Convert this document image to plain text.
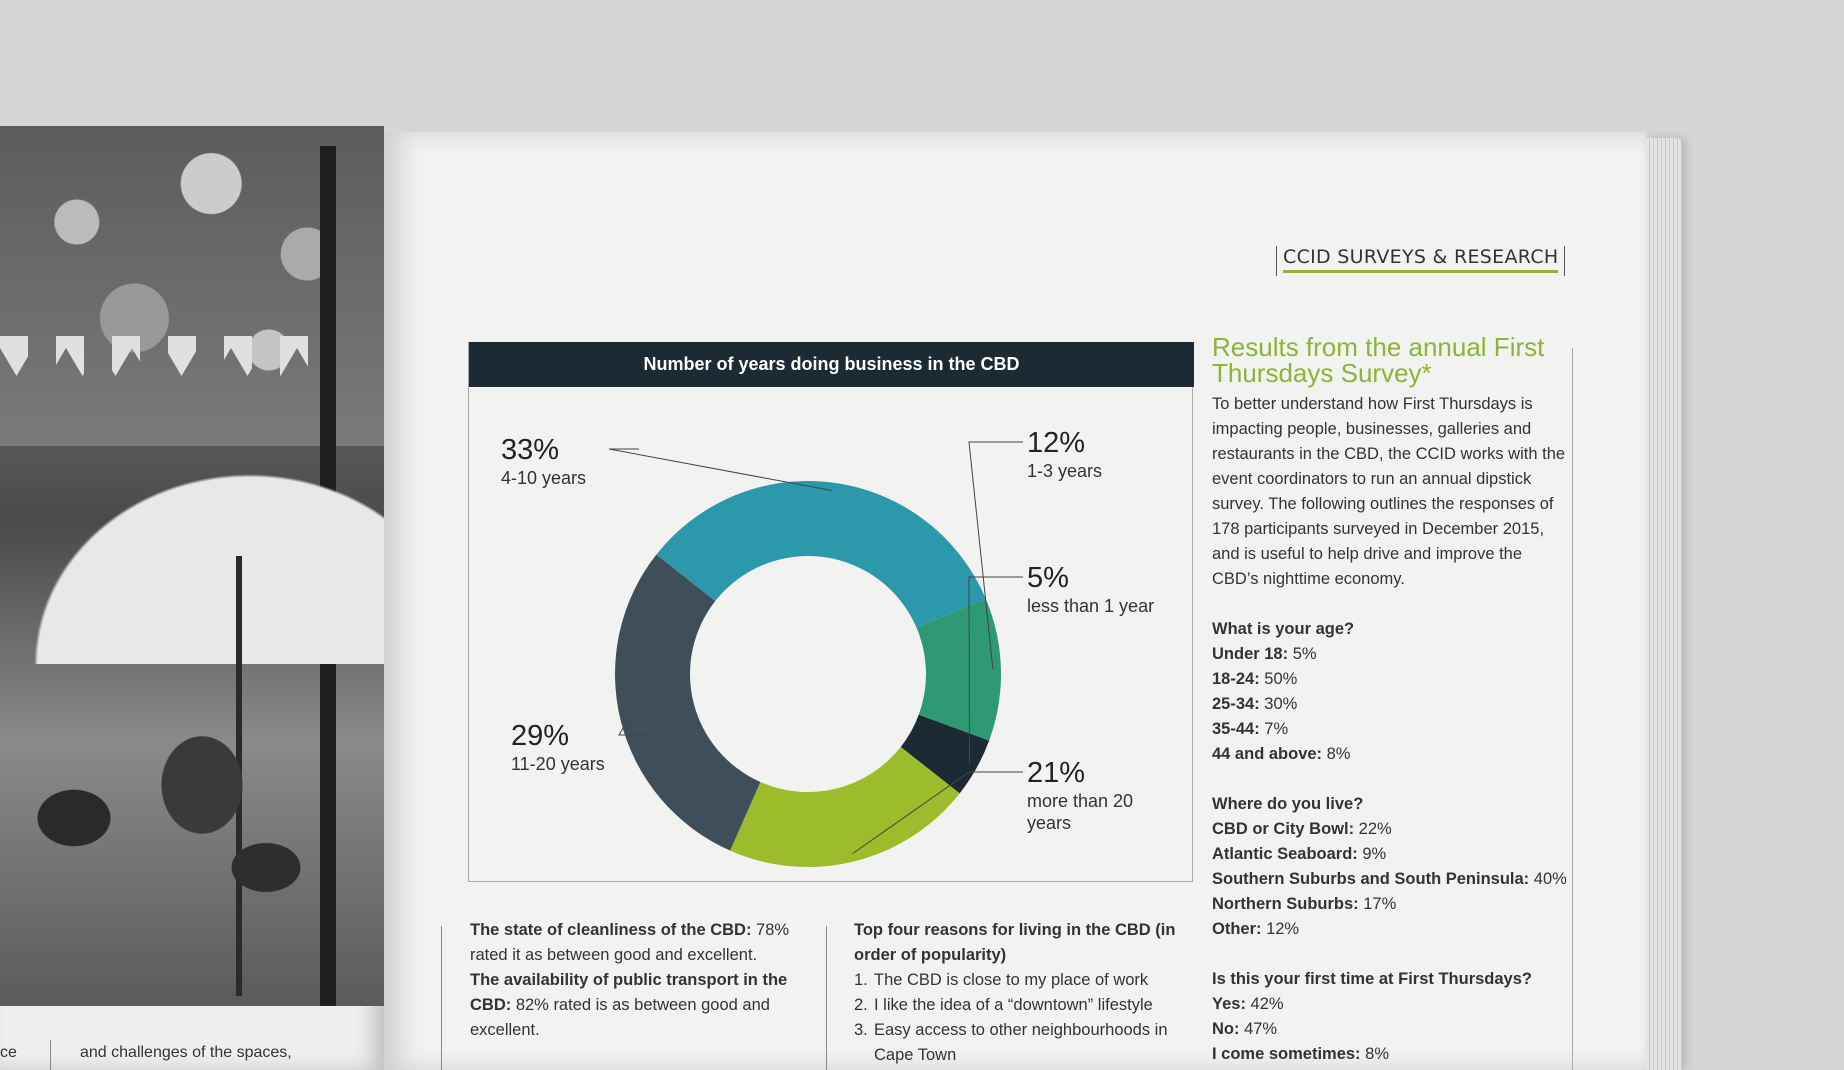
ce	and challenges of the spaces,
CCID SURVEYS & RESEARCH
Number of years doing business in the CBD
12%
1-3 years
5%
less than 1 year
21%
more than 20
years
29%
11-20 years
33%
4-10 years
The state of cleanliness of the CBD: 78% rated it as between good and excellent.
The availability of public transport in the CBD: 82% rated is as between good and excellent.
Top four reasons for living in the CBD (in order of popularity)
1. The CBD is close to my place of work
2. I like the idea of a “downtown” lifestyle
3. Easy access to other neighbourhoods in Cape Town
Results from the annual First Thursdays Survey*

To better understand how First Thursdays is impacting people, businesses, galleries and restaurants in the CBD, the CCID works with the event coordinators to run an annual dipstick survey. The following outlines the responses of 178 participants surveyed in December 2015, and is useful to help drive and improve the CBD’s nighttime economy.

What is your age?
Under 18: 5%
18-24: 50%
25-34: 30%
35-44: 7%
44 and above: 8%
Where do you live?
CBD or City Bowl: 22%
Atlantic Seaboard: 9%
Southern Suburbs and South Peninsula: 40%
Northern Suburbs: 17%
Other: 12%
Is this your first time at First Thursdays?
Yes: 42%
No: 47%
I come sometimes: 8%
